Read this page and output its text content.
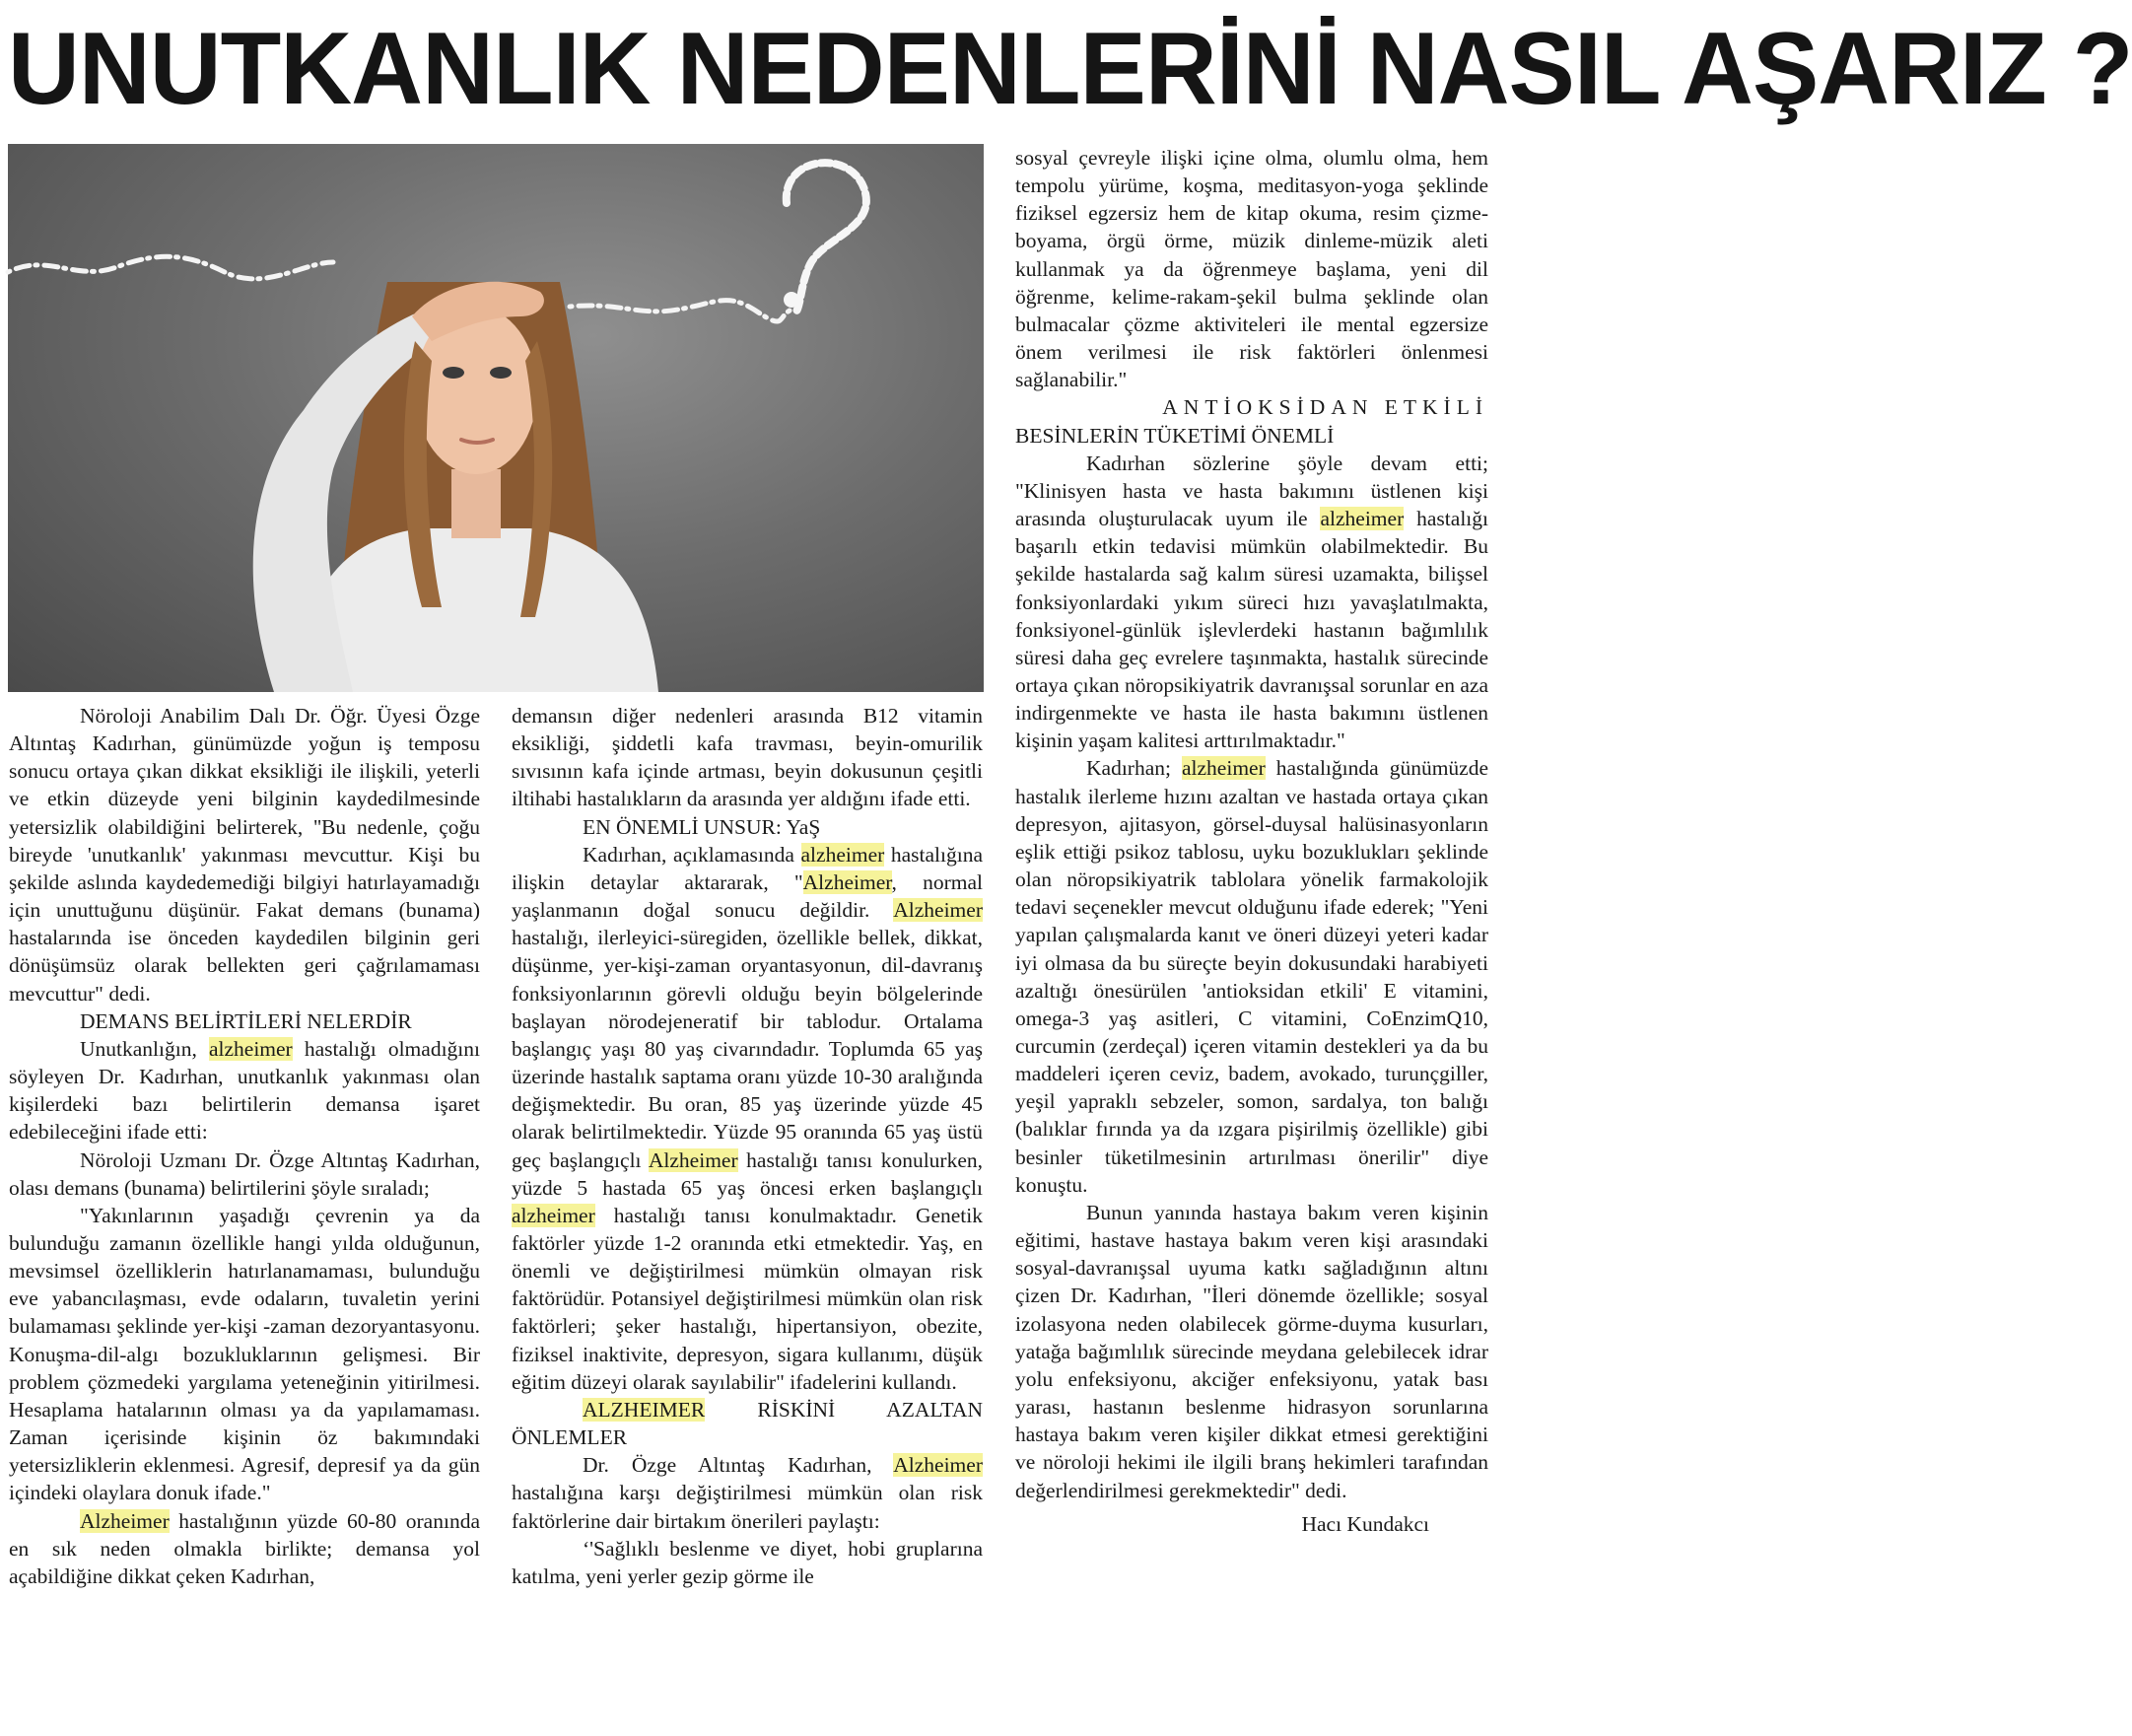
UNUTKANLIK NEDENLERİNİ NASIL AŞARIZ ?

Nöroloji Anabilim Dalı Dr. Öğr. Üyesi Özge Altıntaş Kadırhan, günümüzde yoğun iş temposu sonucu ortaya çıkan dikkat eksikliği ile ilişkili, yeterli ve etkin düzeyde yeni bilginin kaydedilmesinde yetersizlik olabildiğini belirterek, ''Bu nedenle, çoğu bireyde 'unutkanlık' yakınması mevcuttur. Kişi bu şekilde aslında kaydedemediği bilgiyi hatırlayamadığı için unuttuğunu düşünür. Fakat demans (bunama) hastalarında ise önceden kaydedilen bilginin geri dönüşümsüz olarak bellekten geri çağrılamaması mevcuttur" dedi.

DEMANS BELİRTİLERİ NELERDİR

Unutkanlığın, alzheimer hastalığı olmadığını söyleyen Dr. Kadırhan, unutkanlık yakınması olan kişilerdeki bazı belirtilerin demansa işaret edebileceğini ifade etti:

Nöroloji Uzmanı Dr. Özge Altıntaş Kadırhan, olası demans (bunama) belirtilerini şöyle sıraladı;

"Yakınlarının yaşadığı çevrenin ya da bulunduğu zamanın özellikle hangi yılda olduğunun, mevsimsel özelliklerin hatırlanamaması, bulunduğu eve yabancılaşması, evde odaların, tuvaletin yerini bulamaması şeklinde yer-kişi -zaman dezoryantasyonu. Konuşma-dil-algı bozukluklarının gelişmesi. Bir problem çözmedeki yargılama yeteneğinin yitirilmesi. Hesaplama hatalarının olması ya da yapılamaması. Zaman içerisinde kişinin öz bakımındaki yetersizliklerin eklenmesi. Agresif, depresif ya da gün içindeki olaylara donuk ifade."

Alzheimer hastalığının yüzde 60-80 oranında en sık neden olmakla birlikte; demansa yol açabildiğine dikkat çeken Kadırhan,

demansın diğer nedenleri arasında B12 vitamin eksikliği, şiddetli kafa travması, beyin-omurilik sıvısının kafa içinde artması, beyin dokusunun çeşitli iltihabi hastalıkların da arasında yer aldığını ifade etti.

EN ÖNEMLİ UNSUR: YaŞ

Kadırhan, açıklamasında alzheimer hastalığına ilişkin detaylar aktararak, "Alzheimer, normal yaşlanmanın doğal sonucu değildir. Alzheimer hastalığı, ilerleyici-süregiden, özellikle bellek, dikkat, düşünme, yer-kişi-zaman oryantasyonun, dil-davranış fonksiyonlarının görevli olduğu beyin bölgelerinde başlayan nörodejeneratif bir tablodur. Ortalama başlangıç yaşı 80 yaş civarındadır. Toplumda 65 yaş üzerinde hastalık saptama oranı yüzde 10-30 aralığında değişmektedir. Bu oran, 85 yaş üzerinde yüzde 45 olarak belirtilmektedir. Yüzde 95 oranında 65 yaş üstü geç başlangıçlı Alzheimer hastalığı tanısı konulurken, yüzde 5 hastada 65 yaş öncesi erken başlangıçlı alzheimer hastalığı tanısı konulmaktadır. Genetik faktörler yüzde 1-2 oranında etki etmektedir. Yaş, en önemli ve değiştirilmesi mümkün olmayan risk faktörüdür. Potansiyel değiştirilmesi mümkün olan risk faktörleri; şeker hastalığı, hipertansiyon, obezite, fiziksel inaktivite, depresyon, sigara kullanımı, düşük eğitim düzeyi olarak sayılabilir" ifadelerini kullandı.

ALZHEIMER RİSKİNİ AZALTAN ÖNLEMLER

Dr. Özge Altıntaş Kadırhan, Alzheimer hastalığına karşı değiştirilmesi mümkün olan risk faktörlerine dair birtakım önerileri paylaştı:

‘'Sağlıklı beslenme ve diyet, hobi gruplarına katılma, yeni yerler gezip görme ile

sosyal çevreyle ilişki içine olma, olumlu olma, hem tempolu yürüme, koşma, meditasyon-yoga şeklinde fiziksel egzersiz hem de kitap okuma, resim çizme-boyama, örgü örme, müzik dinleme-müzik aleti kullanmak ya da öğrenmeye başlama, yeni dil öğrenme, kelime-rakam-şekil bulma şeklinde olan bulmacalar çözme aktiviteleri ile mental egzersize önem verilmesi ile risk faktörleri önlenmesi sağlanabilir."

ANTİOKSİDAN ETKİLİ

BESİNLERİN TÜKETİMİ ÖNEMLİ

Kadırhan sözlerine şöyle devam etti; "Klinisyen hasta ve hasta bakımını üstlenen kişi arasında oluşturulacak uyum ile alzheimer hastalığı başarılı etkin tedavisi mümkün olabilmektedir. Bu şekilde hastalarda sağ kalım süresi uzamakta, bilişsel fonksiyonlardaki yıkım süreci hızı yavaşlatılmakta, fonksiyonel-günlük işlevlerdeki hastanın bağımlılık süresi daha geç evrelere taşınmakta, hastalık sürecinde ortaya çıkan nöropsikiyatrik davranışsal sorunlar en aza indirgenmekte ve hasta ile hasta bakımını üstlenen kişinin yaşam kalitesi arttırılmaktadır."

Kadırhan; alzheimer hastalığında günümüzde hastalık ilerleme hızını azaltan ve hastada ortaya çıkan depresyon, ajitasyon, görsel-duysal halüsinasyonların eşlik ettiği psikoz tablosu, uyku bozuklukları şeklinde olan nöropsikiyatrik tablolara yönelik farmakolojik tedavi seçenekler mevcut olduğunu ifade ederek; "Yeni yapılan çalışmalarda kanıt ve öneri düzeyi yeteri kadar iyi olmasa da bu süreçte beyin dokusundaki harabiyeti azaltığı önesürülen 'antioksidan etkili' E vitamini, omega-3 yaş asitleri, C vitamini, CoEnzimQ10, curcumin (zerdeçal) içeren vitamin destekleri ya da bu maddeleri içeren ceviz, badem, avokado, turunçgiller, yeşil yapraklı sebzeler, somon, sardalya, ton balığı (balıklar fırında ya da ızgara pişirilmiş özellikle) gibi besinler tüketilmesinin artırılması önerilir" diye konuştu.

Bunun yanında hastaya bakım veren kişinin eğitimi, hastave hastaya bakım veren kişi arasındaki sosyal-davranışsal uyuma katkı sağladığının altını çizen Dr. Kadırhan, "İleri dönemde özellikle; sosyal izolasyona neden olabilecek görme-duyma kusurları, yatağa bağımlılık sürecinde meydana gelebilecek idrar yolu enfeksiyonu, akciğer enfeksiyonu, yatak bası yarası, hastanın beslenme hidrasyon sorunlarına hastaya bakım veren kişiler dikkat etmesi gerektiğini ve nöroloji hekimi ile ilgili branş hekimleri tarafından değerlendirilmesi gerekmektedir" dedi.

Hacı Kundakcı
